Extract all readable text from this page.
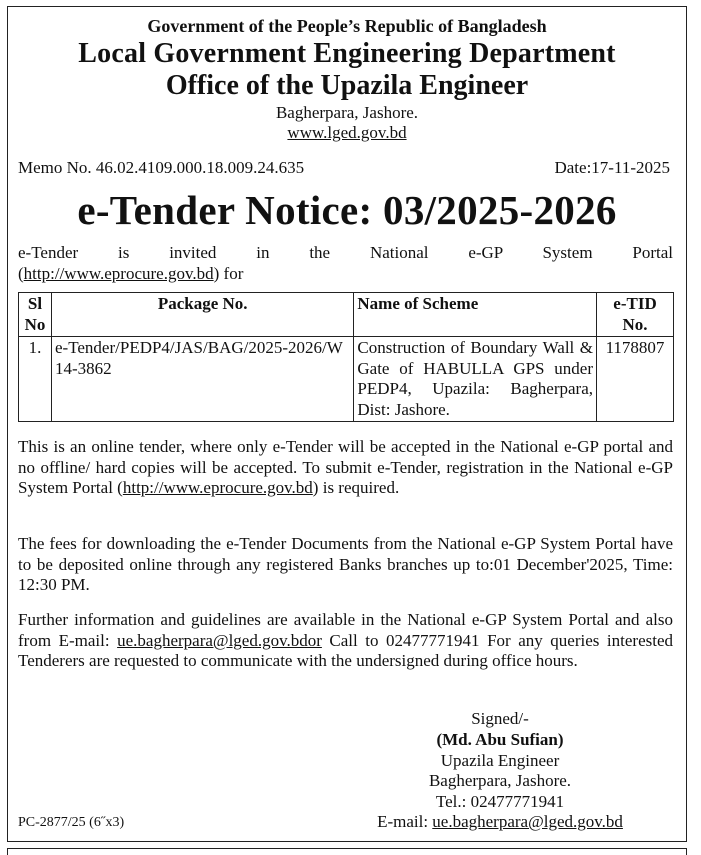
Government of the People’s Republic of Bangladesh
Local Government Engineering Department
Office of the Upazila Engineer
Bagherpara, Jashore.
www.lged.gov.bd
Memo No. 46.02.4109.000.18.009.24.635	Date:17-11-2025
e-Tender Notice: 03/2025-2026
e-Tender is invited in the National e-GP System Portal
(http://www.eprocure.gov.bd) for
Sl No	Package No.	Name of Scheme	e-TID No.
1.	e-Tender/PEDP4/JAS/BAG/2025-2026/W14-3862	Construction of Boundary Wall & Gate of HABULLA GPS under PEDP4, Upazila: Bagherpara, Dist: Jashore.	1178807
This is an online tender, where only e-Tender will be accepted in the National e-GP portal and no offline/ hard copies will be accepted. To submit e-Tender, registration in the National e-GP System Portal (http://www.eprocure.gov.bd) is required.
The fees for downloading the e-Tender Documents from the National e-GP System Portal have to be deposited online through any registered Banks branches up to:01 December'2025, Time: 12:30 PM.
Further information and guidelines are available in the National e-GP System Portal and also from E-mail: ue.bagherpara@lged.gov.bdor Call to 02477771941 For any queries interested Tenderers are requested to communicate with the undersigned during office hours.
Signed/-
(Md. Abu Sufian)
Upazila Engineer
Bagherpara, Jashore.
Tel.: 02477771941
E-mail: ue.bagherpara@lged.gov.bd
PC-2877/25 (6˝x3)
